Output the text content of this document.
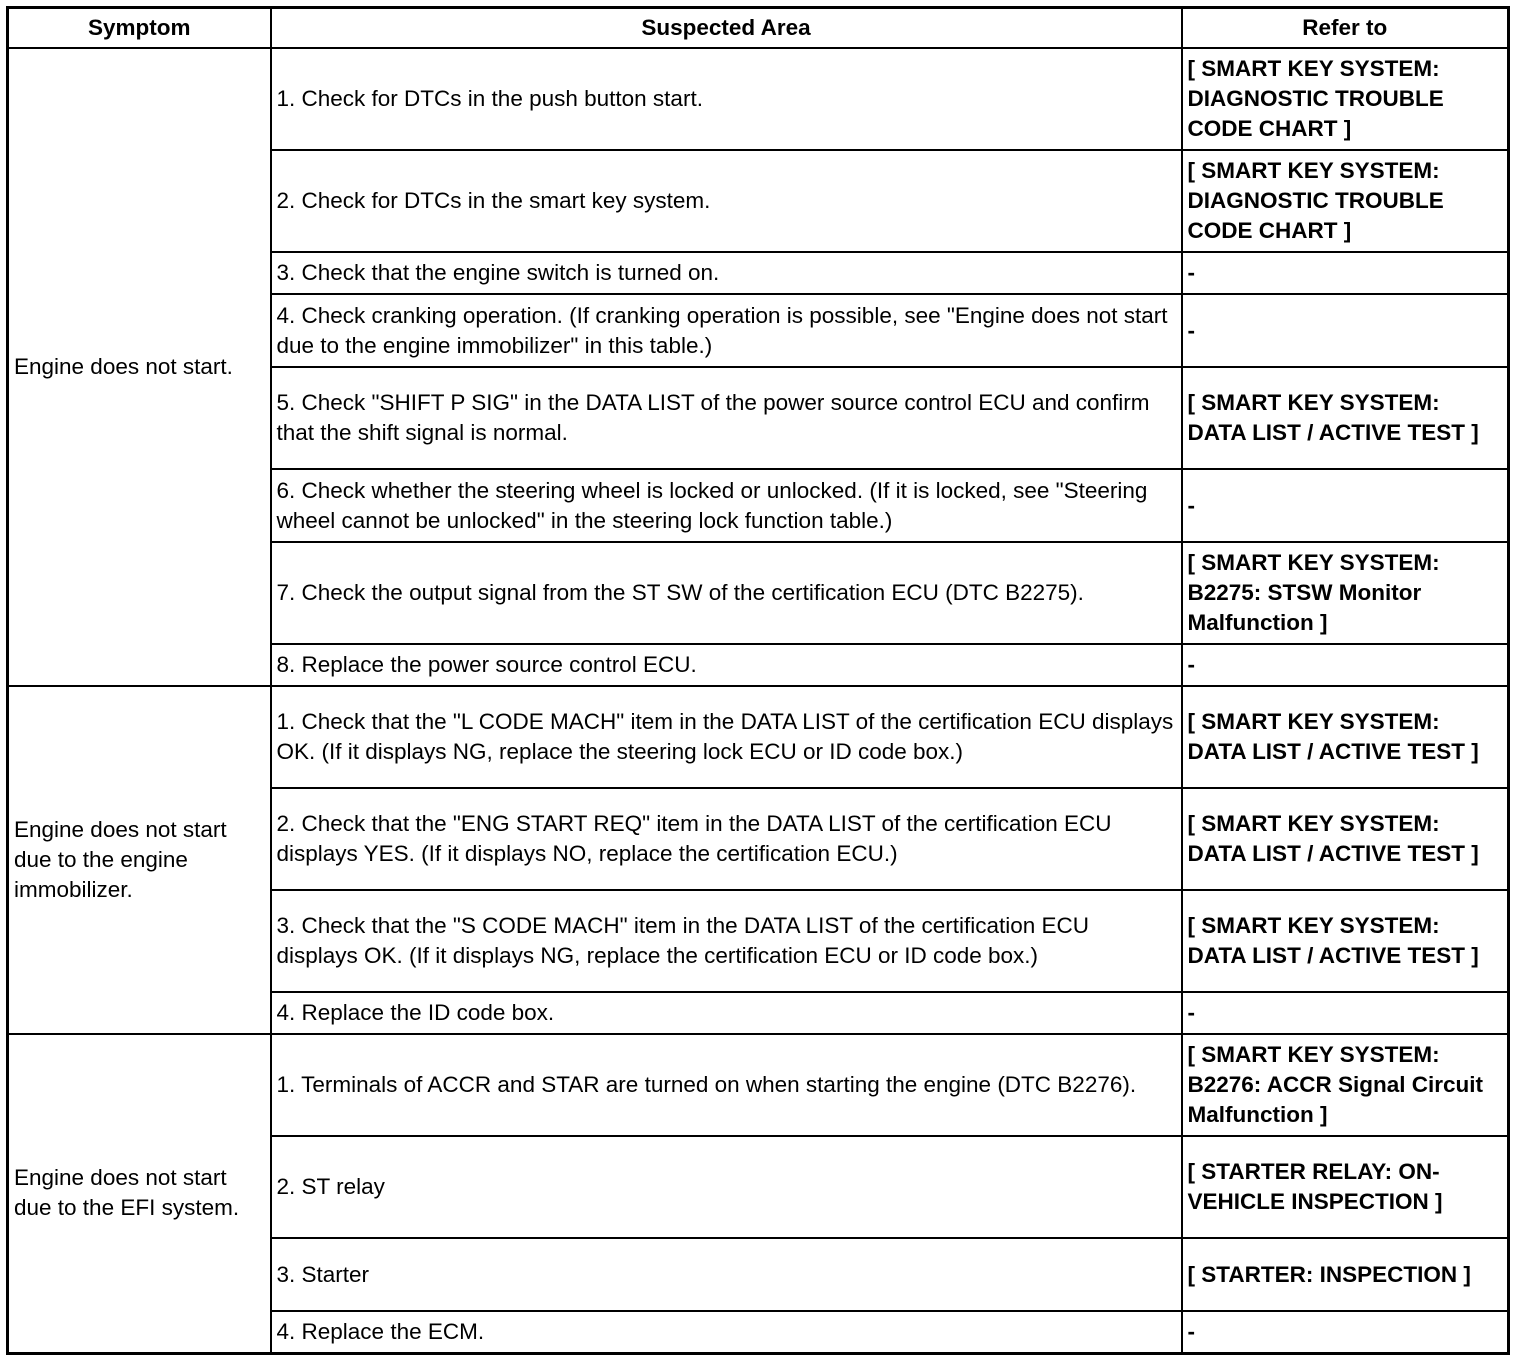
Symptom	Suspected Area	Refer to
Engine does not start.	1. Check for DTCs in the push button start.	[ SMART KEY SYSTEM: DIAGNOSTIC TROUBLE CODE CHART ]
	2. Check for DTCs in the smart key system.	[ SMART KEY SYSTEM: DIAGNOSTIC TROUBLE CODE CHART ]
	3. Check that the engine switch is turned on.	-
	4. Check cranking operation. (If cranking operation is possible, see "Engine does not start due to the engine immobilizer" in this table.)	-
	5. Check "SHIFT P SIG" in the DATA LIST of the power source control ECU and confirm that the shift signal is normal.	[ SMART KEY SYSTEM: DATA LIST / ACTIVE TEST ]
	6. Check whether the steering wheel is locked or unlocked. (If it is locked, see "Steering wheel cannot be unlocked" in the steering lock function table.)	-
	7. Check the output signal from the ST SW of the certification ECU (DTC B2275).	[ SMART KEY SYSTEM: B2275: STSW Monitor Malfunction ]
	8. Replace the power source control ECU.	-
Engine does not start due to the engine immobilizer.	1. Check that the "L CODE MACH" item in the DATA LIST of the certification ECU displays OK. (If it displays NG, replace the steering lock ECU or ID code box.)	[ SMART KEY SYSTEM: DATA LIST / ACTIVE TEST ]
	2. Check that the "ENG START REQ" item in the DATA LIST of the certification ECU displays YES. (If it displays NO, replace the certification ECU.)	[ SMART KEY SYSTEM: DATA LIST / ACTIVE TEST ]
	3. Check that the "S CODE MACH" item in the DATA LIST of the certification ECU displays OK. (If it displays NG, replace the certification ECU or ID code box.)	[ SMART KEY SYSTEM: DATA LIST / ACTIVE TEST ]
	4. Replace the ID code box.	-
Engine does not start due to the EFI system.	1. Terminals of ACCR and STAR are turned on when starting the engine (DTC B2276).	[ SMART KEY SYSTEM: B2276: ACCR Signal Circuit Malfunction ]
	2. ST relay	[ STARTER RELAY: ON-VEHICLE INSPECTION ]
	3. Starter	[ STARTER: INSPECTION ]
	4. Replace the ECM.	-
